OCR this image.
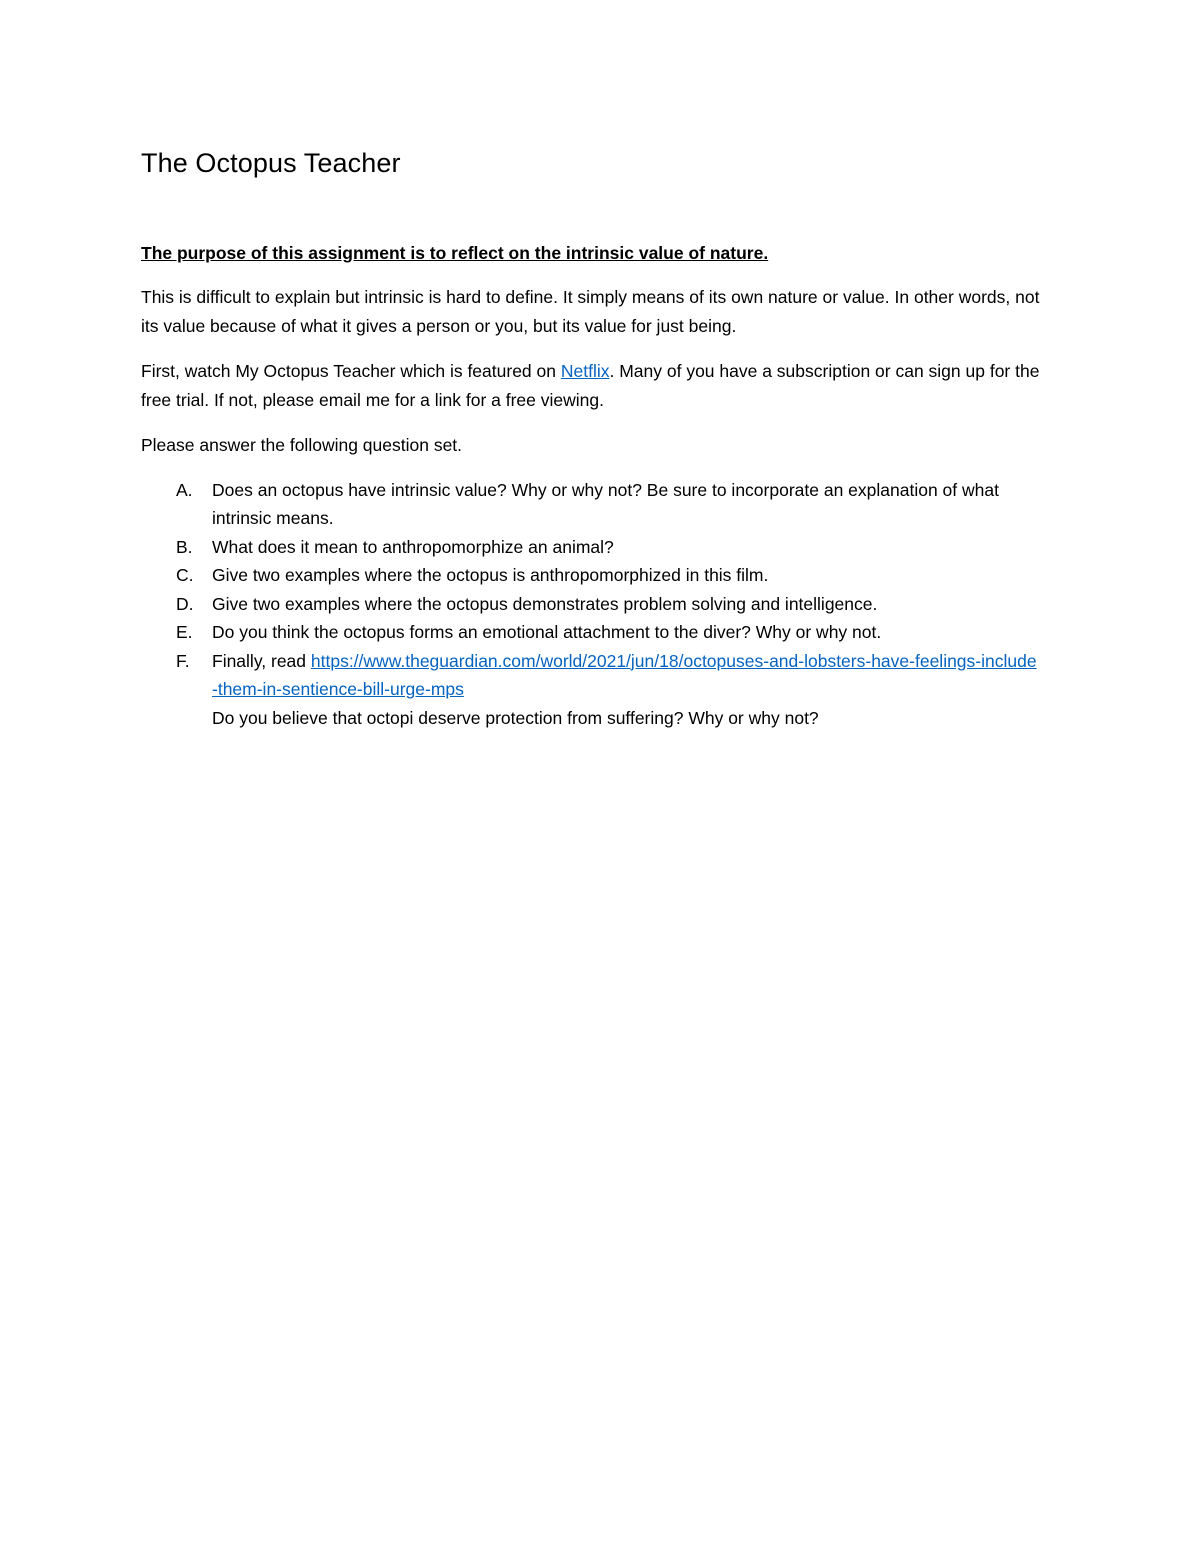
The Octopus Teacher

The purpose of this assignment is to reflect on the intrinsic value of nature.

This is difficult to explain but intrinsic is hard to define. It simply means of its own nature or value. In other words, not its value because of what it gives a person or you, but its value for just being.

First, watch My Octopus Teacher which is featured on Netflix. Many of you have a subscription or can sign up for the free trial. If not, please email me for a link for a free viewing.

Please answer the following question set.

A. Does an octopus have intrinsic value? Why or why not? Be sure to incorporate an explanation of what intrinsic means.
B. What does it mean to anthropomorphize an animal?
C. Give two examples where the octopus is anthropomorphized in this film.
D. Give two examples where the octopus demonstrates problem solving and intelligence.
E. Do you think the octopus forms an emotional attachment to the diver? Why or why not.
F. Finally, read https://www.theguardian.com/world/2021/jun/18/octopuses-and-lobsters-have-feelings-include-them-in-sentience-bill-urge-mps
Do you believe that octopi deserve protection from suffering? Why or why not?
